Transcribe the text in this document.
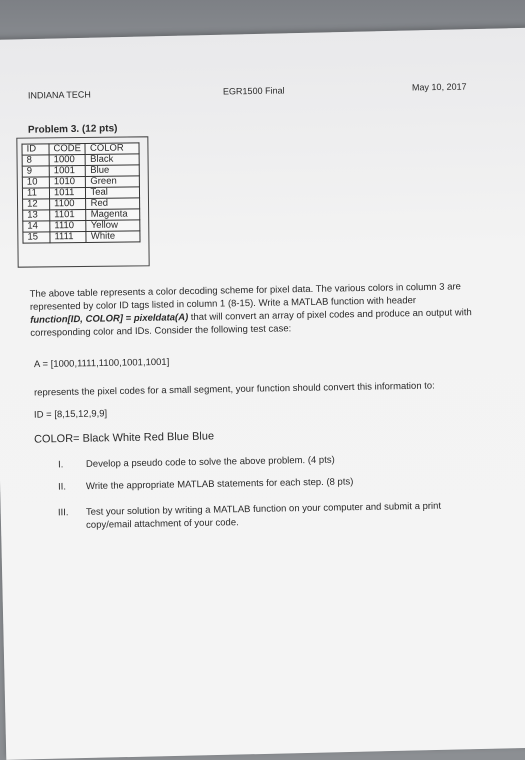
INDIANA TECH	EGR1500 Final	May 10, 2017
Problem 3. (12 pts)
ID	CODE	COLOR
8	1000	Black
9	1001	Blue
10	1010	Green
11	1011	Teal
12	1100	Red
13	1101	Magenta
14	1110	Yellow
15	1111	White
The above table represents a color decoding scheme for pixel data. The various colors in column 3 are
represented by color ID tags listed in column 1 (8-15). Write a MATLAB function with header
function[ID, COLOR] = pixeldata(A) that will convert an array of pixel codes and produce an output with
corresponding color and IDs. Consider the following test case:
A = [1000,1111,1100,1001,1001]
represents the pixel codes for a small segment, your function should convert this information to:
ID = [8,15,12,9,9]
COLOR= Black White Red Blue Blue
I. Develop a pseudo code to solve the above problem. (4 pts)
II. Write the appropriate MATLAB statements for each step. (8 pts)
III. Test your solution by writing a MATLAB function on your computer and submit a print
copy/email attachment of your code.
